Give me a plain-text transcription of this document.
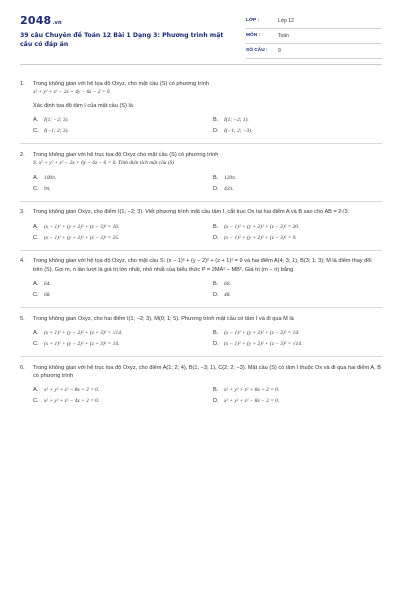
2048.vn
39 câu Chuyên đề Toán 12 Bài 1 Dạng 3: Phương trình mặt cầu có đáp án
LỚP :	Lớp 12
MÔN :	Toán
SỐ CÂU : 9
1. Trong không gian với hệ tọa độ Oxyz, cho mặt cầu (S) có phương trình
x² + y² + z² − 2x + 4y − 6z − 2 = 0.
Xác định tọa độ tâm I của mặt cầu (S) là
A. I(1; −2; 3).	B. I(1; −2; 1).
C. I(−1; 2; 3).	D. I(−1; 2; −3).
2. Trong không gian với hệ trục tọa độ Oxyz cho mặt cầu (S) có phương trình
S: x² + y² + z² − 2x + 6y − 6z − 6 = 0. Tính diện tích mặt cầu (S)
A. 100π.	B. 120π.
C. 9π.	D. 42π.
3. Trong không gian Oxyz, cho điểm I(1; −2; 3). Viết phương trình mặt cầu tâm I, cắt trục Ox tại hai điểm A và B sao cho AB = 2√3.
A. (x − 1)² + (y + 2)² + (z − 3)² = 16.	B. (x − 1)² + (y + 2)² + (z − 3)² = 20.
C. (x − 1)² + (y + 2)² + (z − 3)² = 25.	D. (x − 1)² + (y + 2)² + (z − 3)² = 9.
4. Trong không gian với hệ tọa độ Oxyz, cho mặt cầu S: (x − 1)² + (y − 2)² + (z + 1)² = 9 và hai điểm A(4; 3; 1), B(3; 1; 3); M là điểm thay đổi trên (S). Gọi m, n lần lượt là giá trị lớn nhất, nhỏ nhất của biểu thức P = 2MA² − MB². Giá trị (m − n) bằng
A. 64.	B. 60.
C. 68.	D. 48.
5. Trong không gian Oxyz, cho hai điểm I(1; −2; 3), M(0; 1; 5). Phương trình mặt cầu có tâm I và đi qua M là
A. (x + 1)² + (y − 2)² + (z + 3)² = √14.	B. (x − 1)² + (y + 2)² + (z − 3)² = 14.
C. (x + 1)² + (y − 2)² + (z + 3)² = 14.	D. (x − 1)² + (y + 2)² + (z − 3)² = √14.
6. Trong không gian với hệ trục tọa độ Oxyz, cho điểm A(1; 2; 4), B(1; −3; 1), C(2; 2; −3). Mặt cầu (S) có tâm I thuộc Ox và đi qua hai điểm A, B có phương trình
A. x² + y² + z² − 8x + 2 = 0.	B. x² + y² + z² + 8x + 2 = 0.
C. x² + y² + z² − 4x + 2 = 0.	D. x² + y² + z² − 8x − 2 = 0.
